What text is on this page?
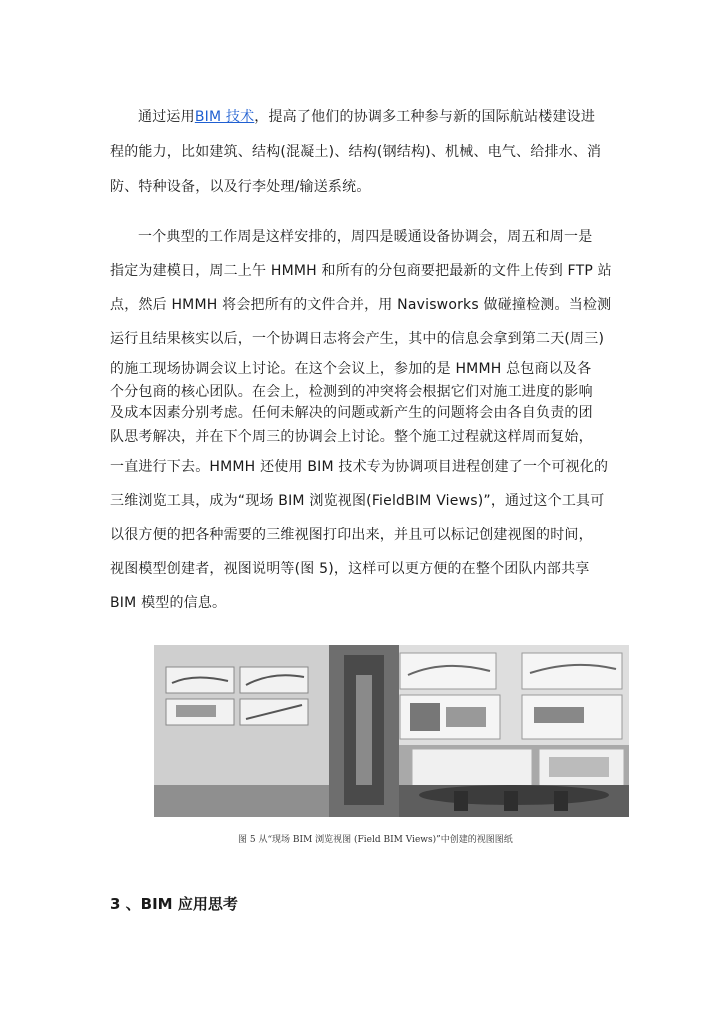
通过运用BIM 技术，提高了他们的协调多工种参与新的国际航站楼建设进
程的能力，比如建筑、结构(混凝土)、结构(钢结构)、机械、电气、给排水、消
防、特种设备，以及行李处理/输送系统。
一个典型的工作周是这样安排的，周四是暖通设备协调会，周五和周一是
指定为建模日，周二上午 HMMH 和所有的分包商要把最新的文件上传到 FTP 站
点，然后 HMMH 将会把所有的文件合并，用 Navisworks 做碰撞检测。当检测
运行且结果核实以后，一个协调日志将会产生，其中的信息会拿到第二天(周三)
的施工现场协调会议上讨论。在这个会议上，参加的是 HMMH 总包商以及各
个分包商的核心团队。在会上，检测到的冲突将会根据它们对施工进度的影响
及成本因素分别考虑。任何未解决的问题或新产生的问题将会由各自负责的团
队思考解决，并在下个周三的协调会上讨论。整个施工过程就这样周而复始，
一直进行下去。HMMH 还使用 BIM 技术专为协调项目进程创建了一个可视化的
三维浏览工具，成为“现场 BIM 浏览视图(FieldBIM Views)”，通过这个工具可
以很方便的把各种需要的三维视图打印出来，并且可以标记创建视图的时间，
视图模型创建者，视图说明等(图 5)，这样可以更方便的在整个团队内部共享
BIM 模型的信息。
图 5 从“现场 BIM 浏览视图 (Field BIM Views)”中创建的视图图纸
3 、BIM 应用思考
